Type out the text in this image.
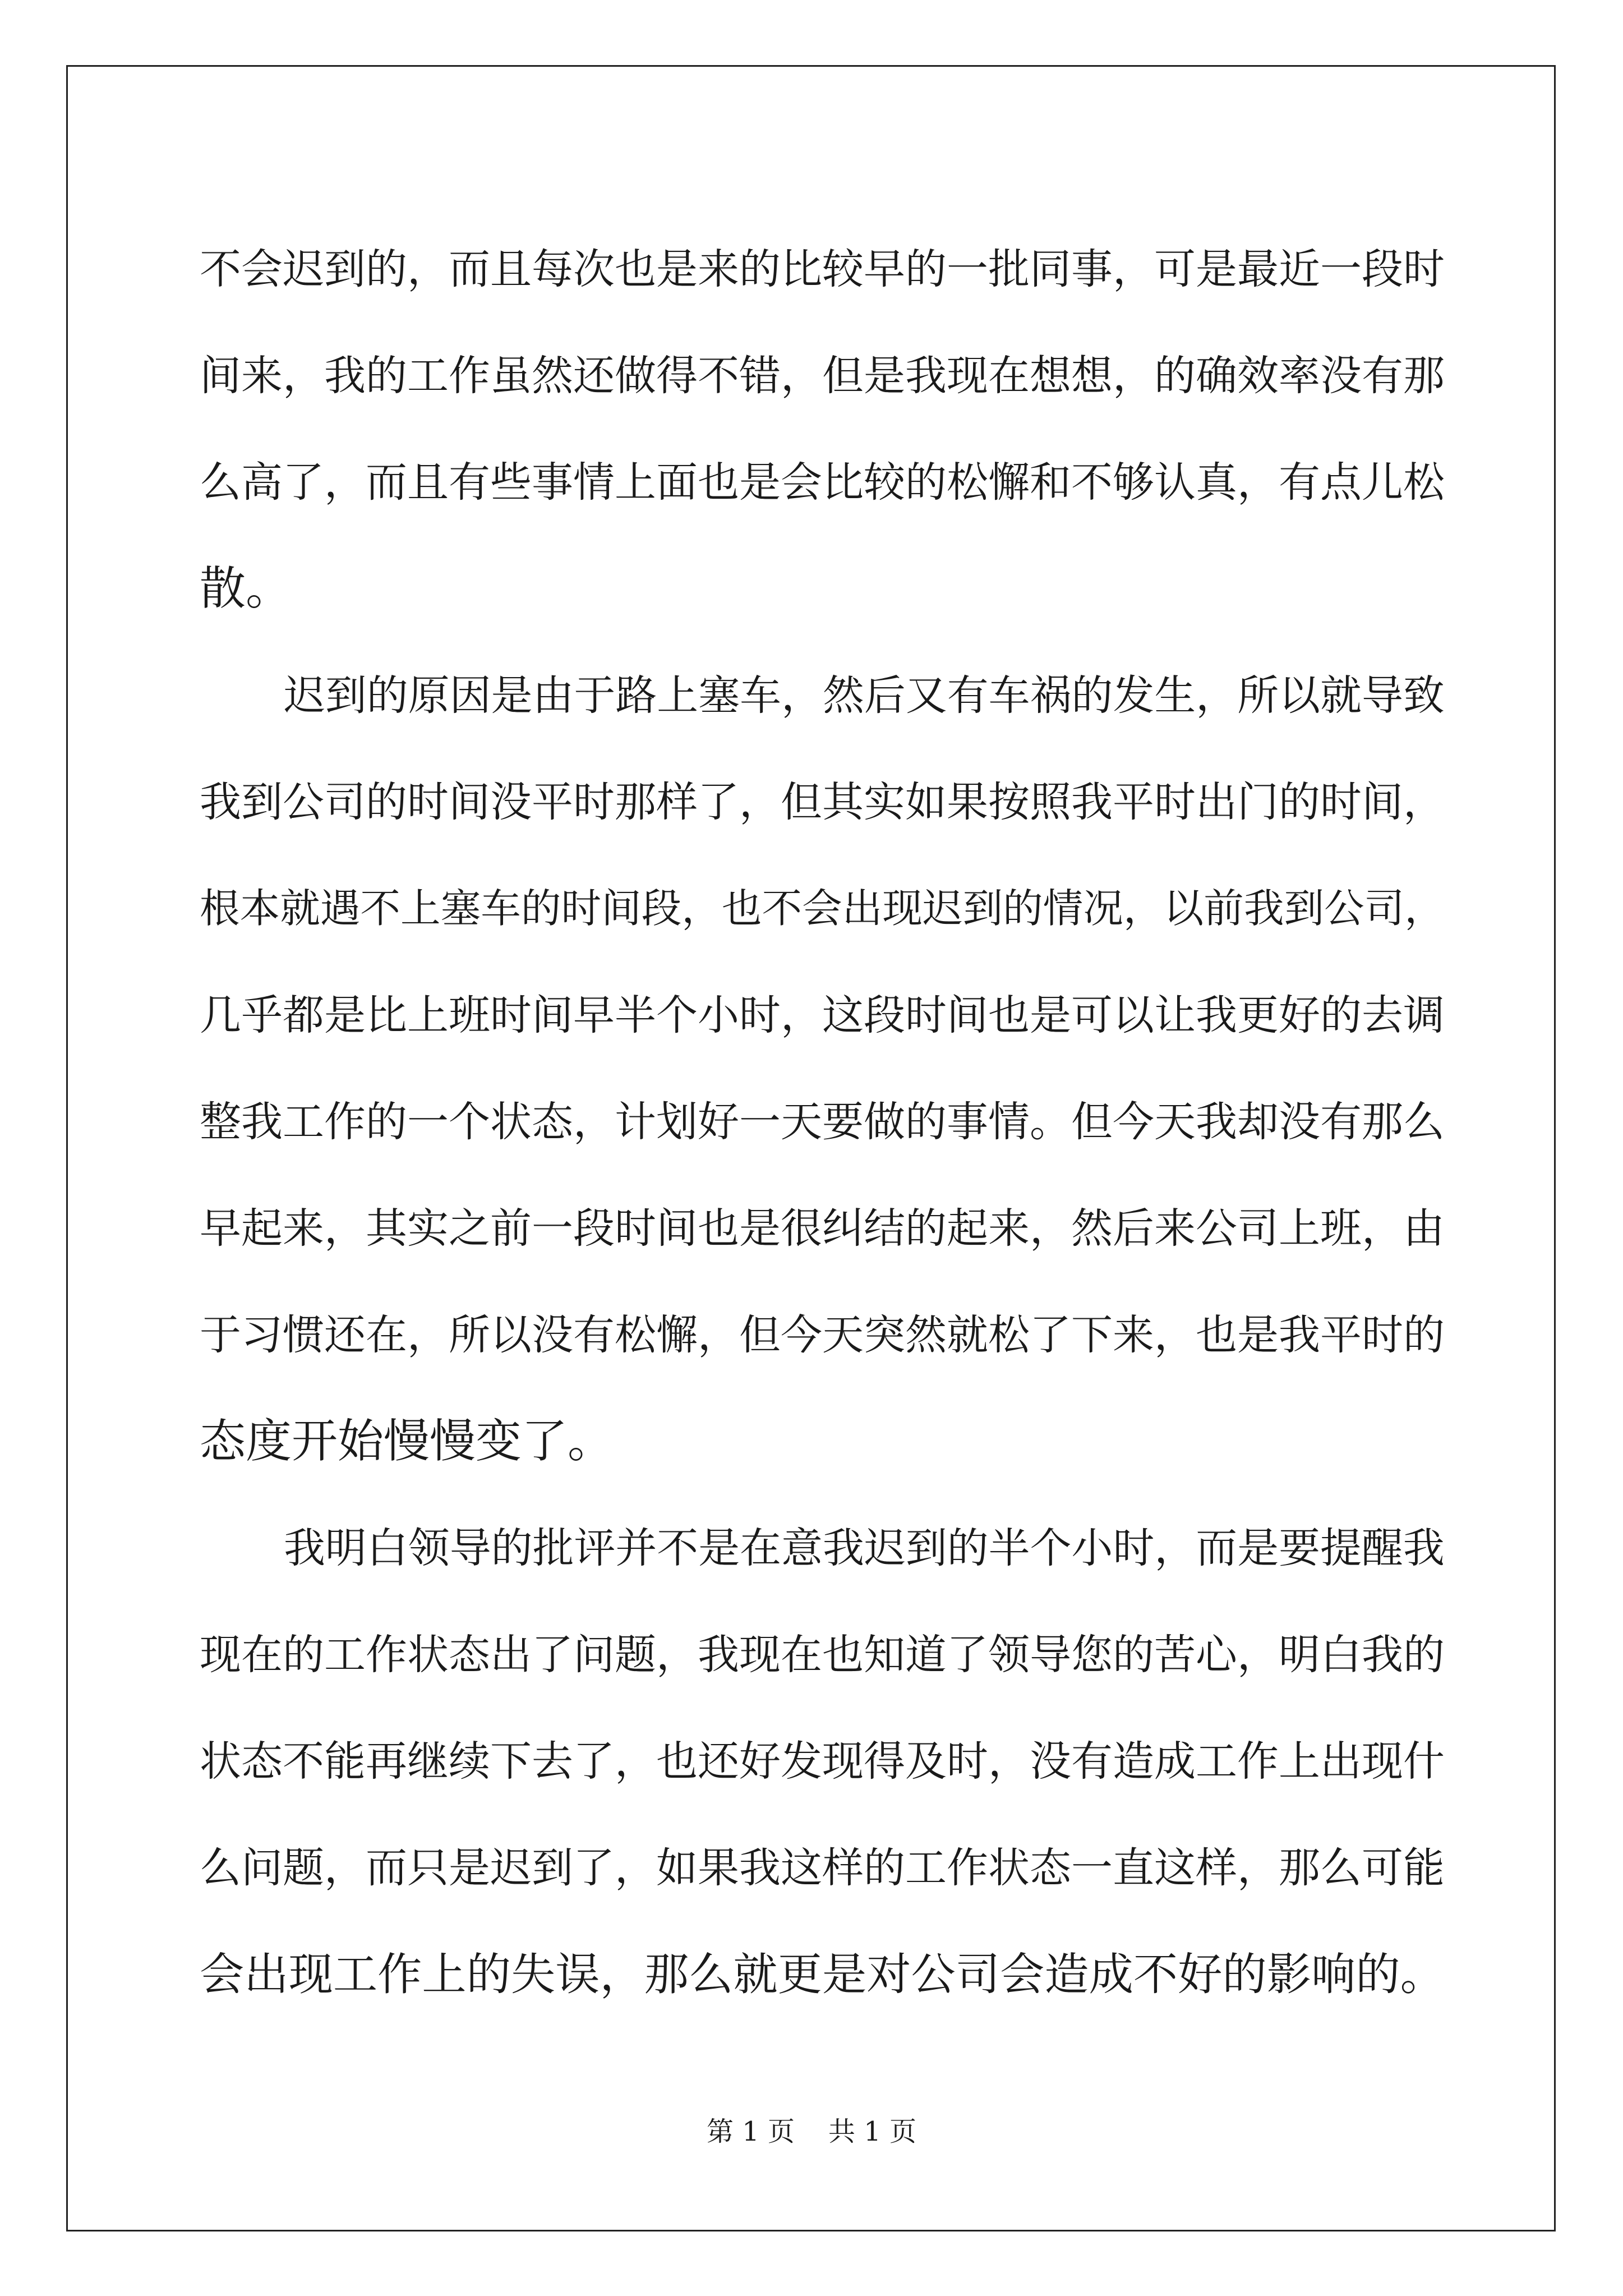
不会迟到的，而且每次也是来的比较早的一批同事，可是最近一段时
间来，我的工作虽然还做得不错，但是我现在想想，的确效率没有那
么高了，而且有些事情上面也是会比较的松懈和不够认真，有点儿松
散。
迟到的原因是由于路上塞车，然后又有车祸的发生，所以就导致
我到公司的时间没平时那样了，但其实如果按照我平时出门的时间，
根本就遇不上塞车的时间段，也不会出现迟到的情况，以前我到公司，
几乎都是比上班时间早半个小时，这段时间也是可以让我更好的去调
整我工作的一个状态，计划好一天要做的事情。但今天我却没有那么
早起来，其实之前一段时间也是很纠结的起来，然后来公司上班，由
于习惯还在，所以没有松懈，但今天突然就松了下来，也是我平时的
态度开始慢慢变了。
我明白领导的批评并不是在意我迟到的半个小时，而是要提醒我
现在的工作状态出了问题，我现在也知道了领导您的苦心，明白我的
状态不能再继续下去了，也还好发现得及时，没有造成工作上出现什
么问题，而只是迟到了，如果我这样的工作状态一直这样，那么可能
会出现工作上的失误，那么就更是对公司会造成不好的影响的。
第 1 页 共 1 页
